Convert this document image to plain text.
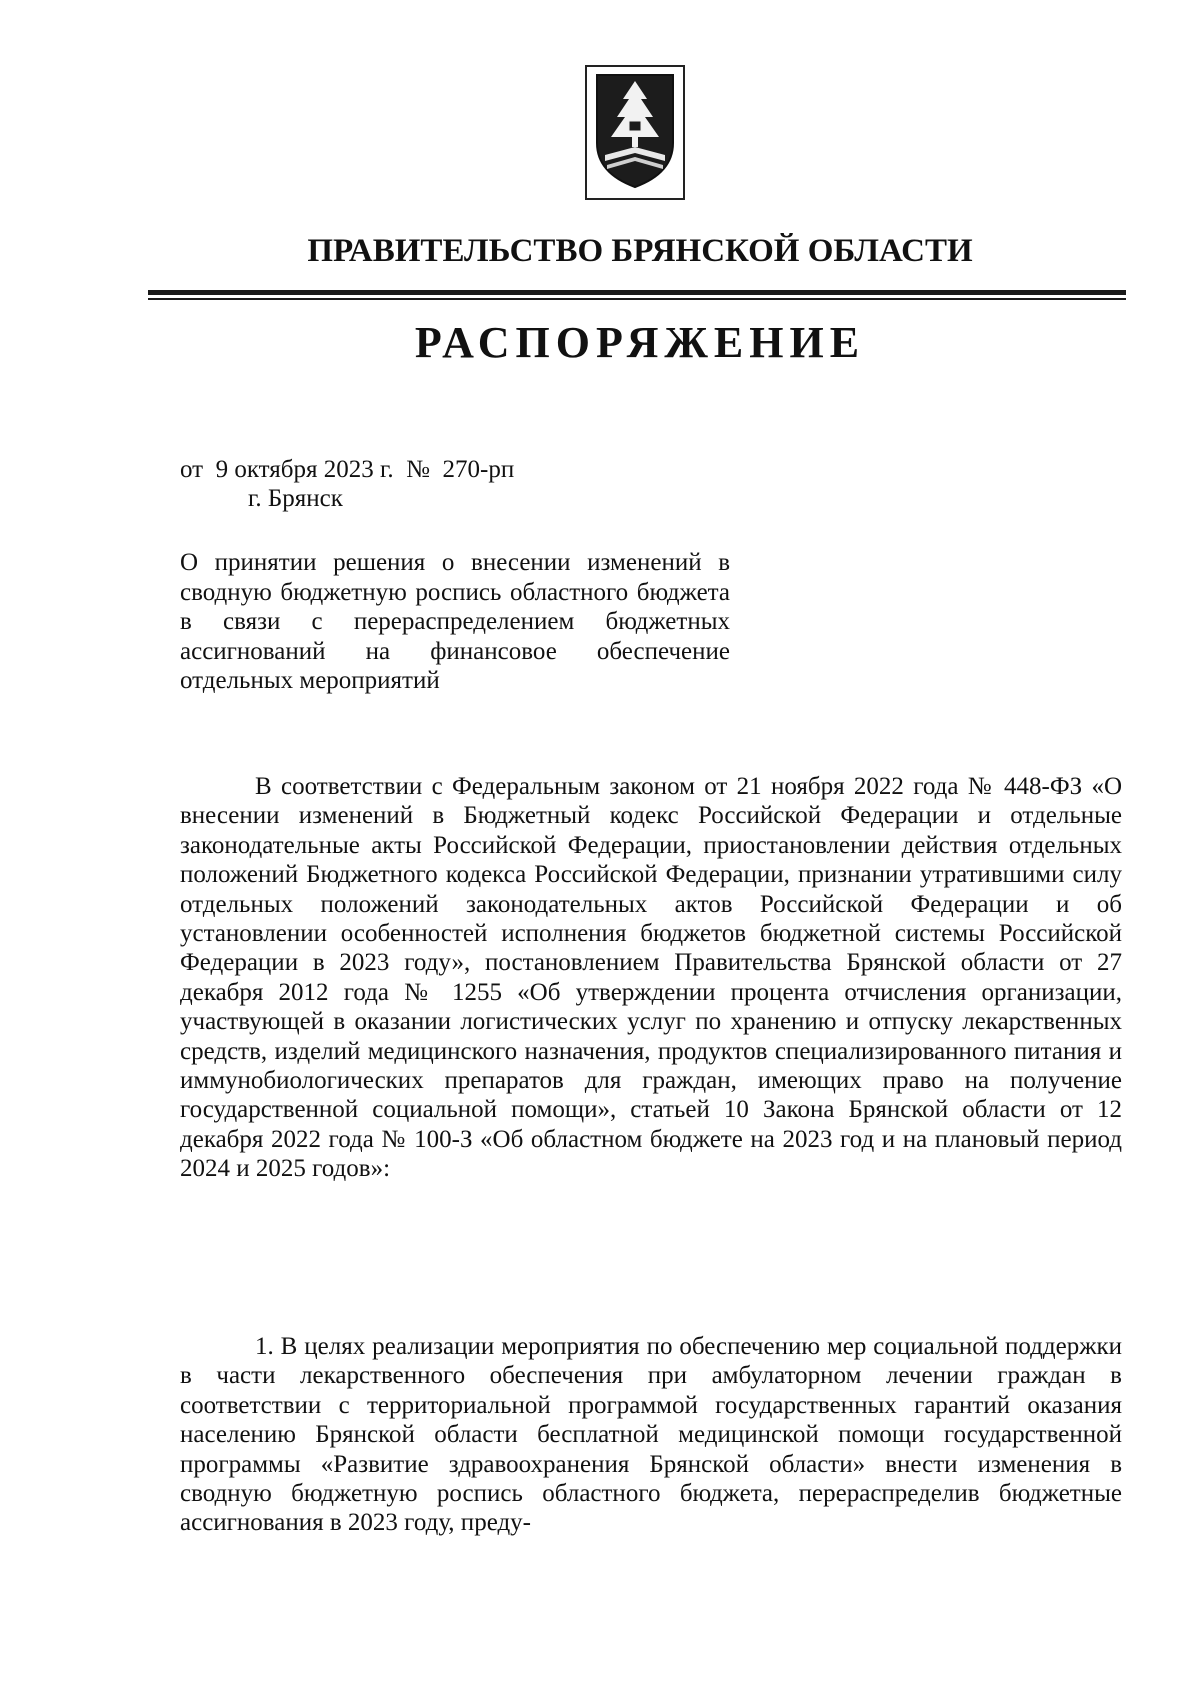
ПРАВИТЕЛЬСТВО БРЯНСКОЙ ОБЛАСТИ
РАСПОРЯЖЕНИЕ
от  9 октября 2023 г.  №  270-рп
г. Брянск

О принятии решения о внесении изменений в сводную бюджетную роспись областного бюджета в связи с перераспределением бюджетных ассигнований на финансовое обеспечение отдельных мероприятий

В соответствии с Федеральным законом от 21 ноября 2022 года № 448-ФЗ «О внесении изменений в Бюджетный кодекс Российской Федерации и отдельные законодательные акты Российской Федерации, приостановлении действия отдельных положений Бюджетного кодекса Российской Федерации, признании утратившими силу отдельных положений законодательных актов Российской Федерации и об установлении особенностей исполнения бюджетов бюджетной системы Российской Федерации в 2023 году», постановлением Правительства Брянской области от 27 декабря 2012 года № 1255 «Об утверждении процента отчисления организации, участвующей в оказании логистических услуг по хранению и отпуску лекарственных средств, изделий медицинского назначения, продуктов специализированного питания и иммунобиологических препаратов для граждан, имеющих право на получение государственной социальной помощи», статьей 10 Закона Брянской области от 12 декабря 2022 года № 100-З «Об областном бюджете на 2023 год и на плановый период 2024 и 2025 годов»:

1. В целях реализации мероприятия по обеспечению мер социальной поддержки в части лекарственного обеспечения при амбулаторном лечении граждан в соответствии с территориальной программой государственных гарантий оказания населению Брянской области бесплатной медицинской помощи государственной программы «Развитие здравоохранения Брянской области» внести изменения в сводную бюджетную роспись областного бюджета, перераспределив бюджетные ассигнования в 2023 году, преду-
